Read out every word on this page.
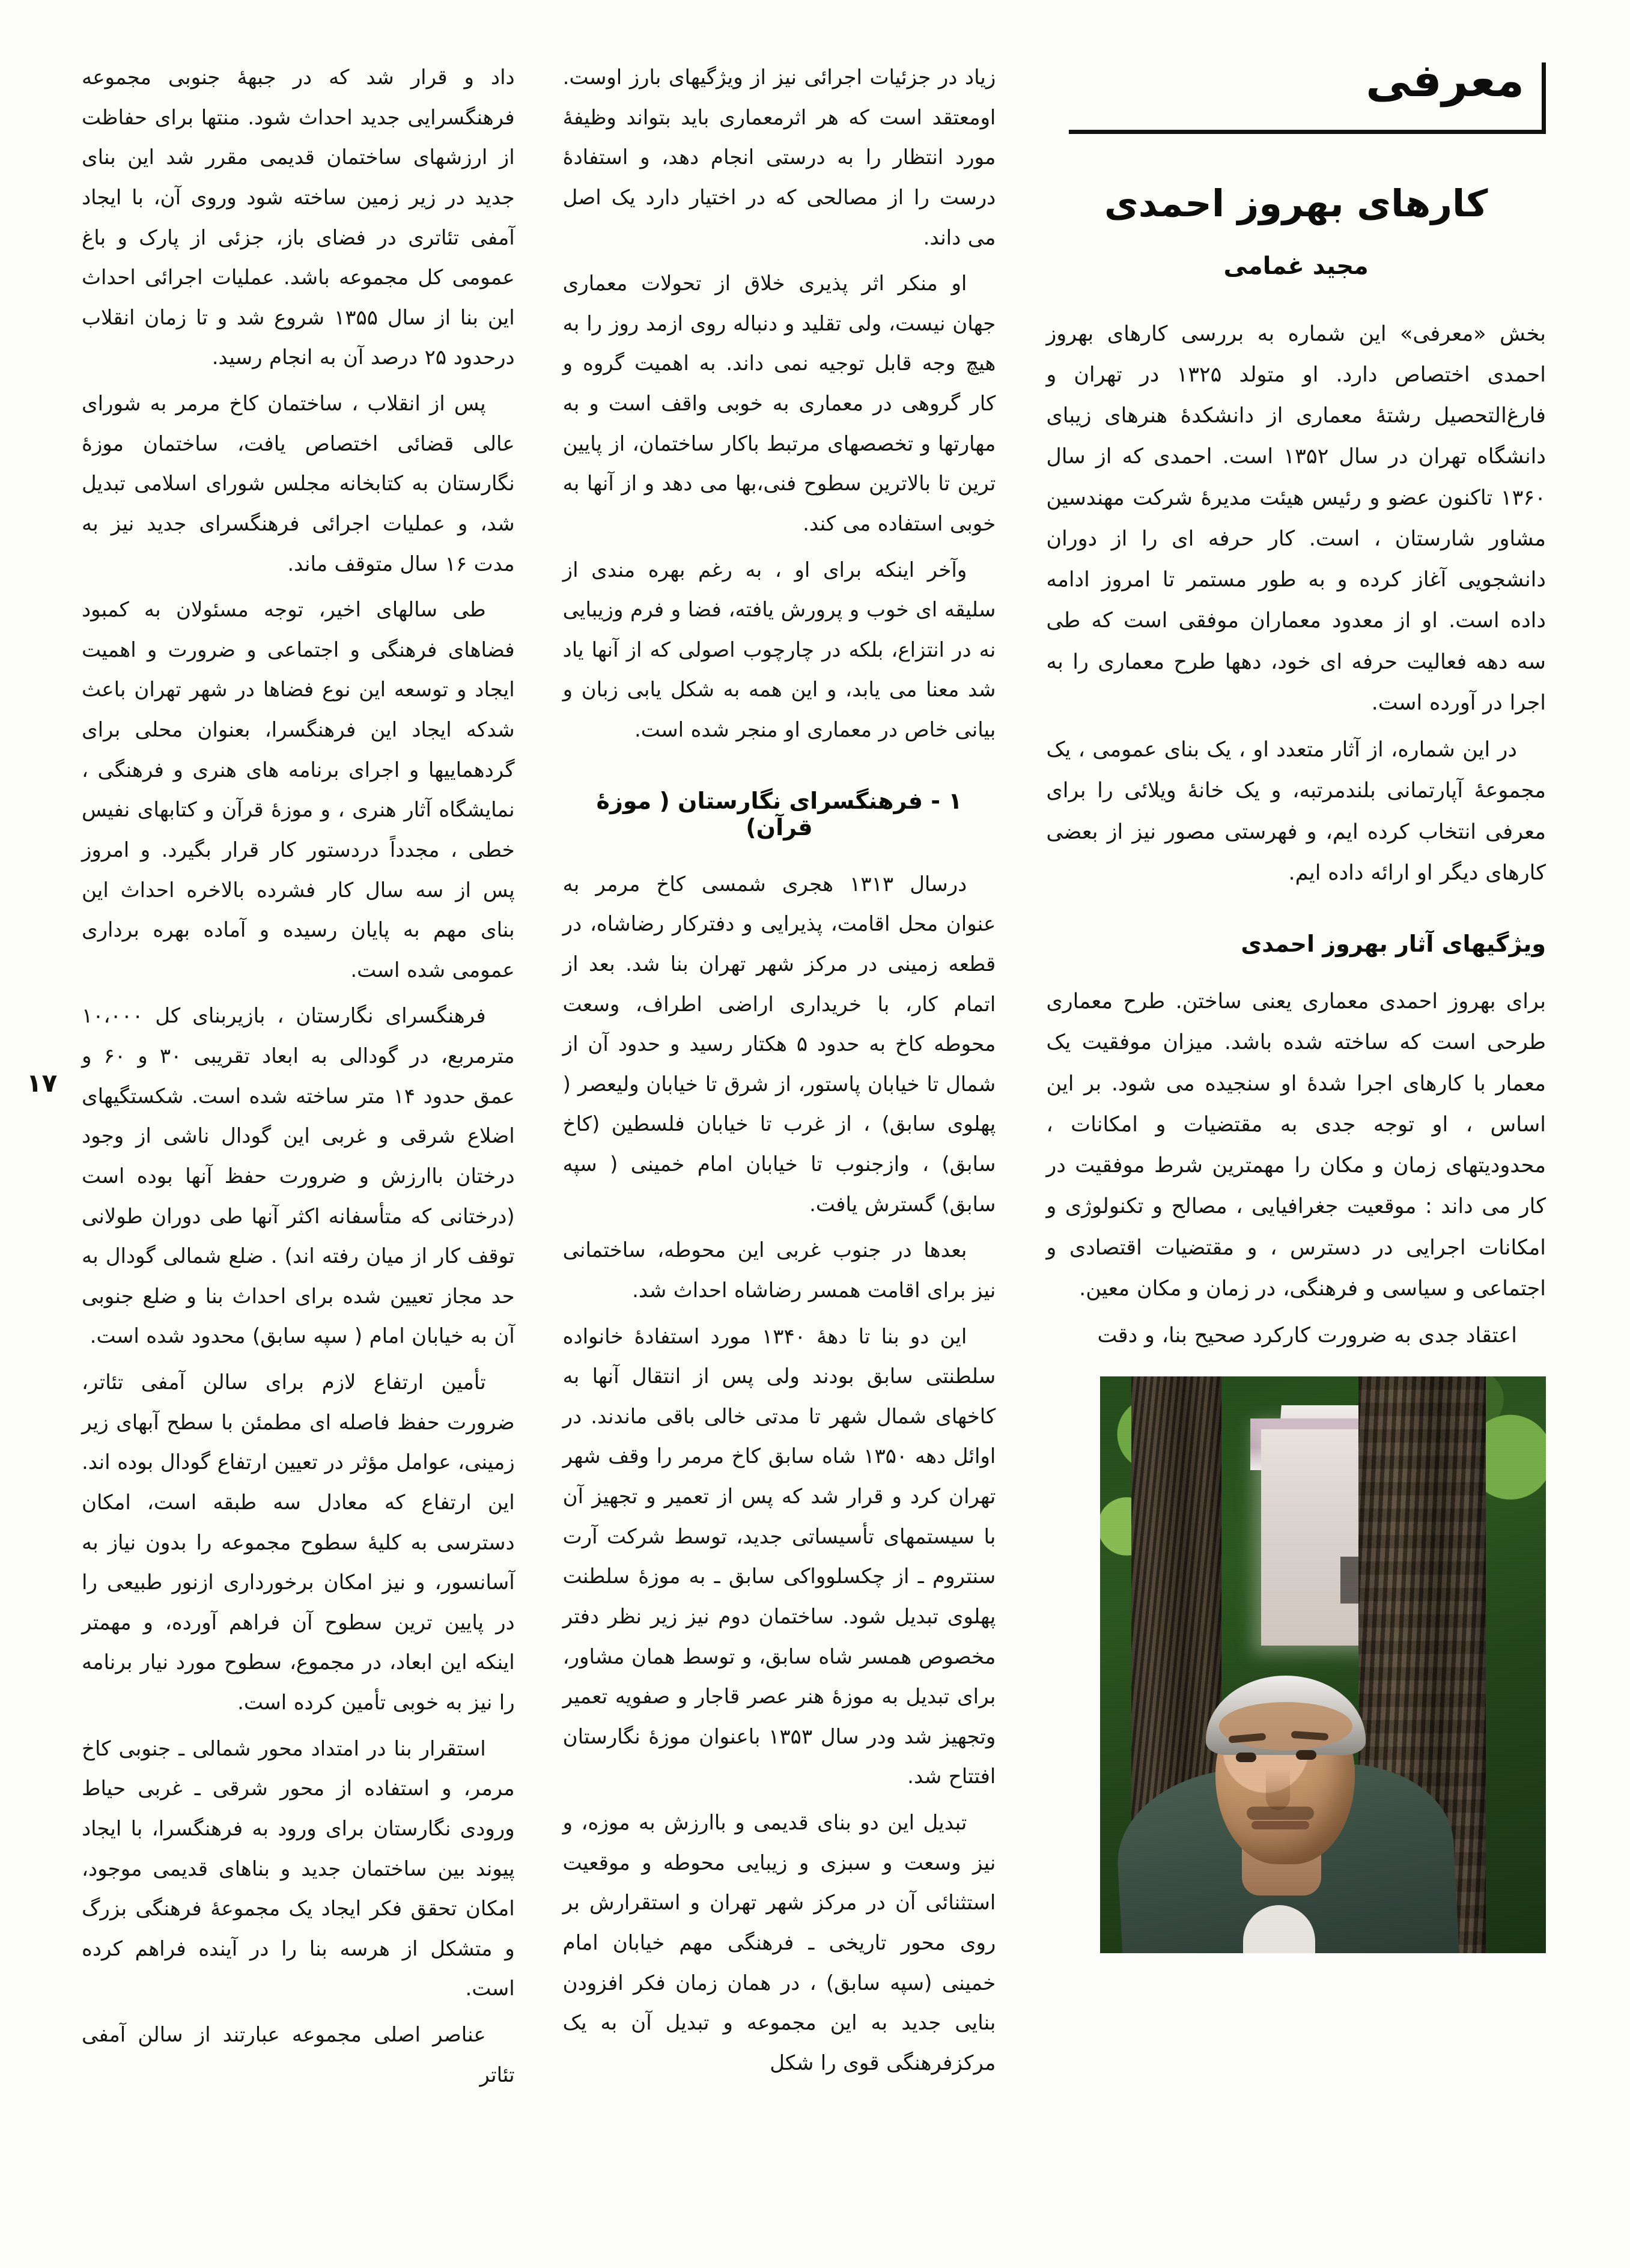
معرفی
کارهای بهروز احمدی
مجید غمامی

بخش «معرفی» این شماره به بررسی کارهای بهروز احمدی اختصاص دارد. او متولد ۱۳۲۵ در تهران و فارغ‌التحصیل رشتهٔ معماری از دانشکدهٔ هنرهای زیبای دانشگاه تهران در سال ۱۳۵۲ است. احمدی که از سال ۱۳۶۰ تاکنون عضو و رئیس هیئت مدیرهٔ شرکت مهندسین مشاور شارستان ، است. کار حرفه ای را از دوران دانشجویی آغاز کرده و به طور مستمر تا امروز ادامه داده است. او از معدود معماران موفقی است که طی سه دهه فعالیت حرفه ای خود، دهها طرح معماری را به اجرا در آورده است.

در این شماره، از آثار متعدد او ، یک بنای عمومی ، یک مجموعهٔ آپارتمانی بلندمرتبه، و یک خانهٔ ویلائی را برای معرفی انتخاب کرده ایم، و فهرستی مصور نیز از بعضی کارهای دیگر او ارائه داده ایم.

ویژگیهای آثار بهروز احمدی

برای بهروز احمدی معماری یعنی ساختن. طرح معماری طرحی است که ساخته شده باشد. میزان موفقیت یک معمار با کارهای اجرا شدهٔ او سنجیده می شود. بر این اساس ، او توجه جدی به مقتضیات و امکانات ، محدودیتهای زمان و مکان را مهمترین شرط موفقیت در کار می داند : موقعیت جغرافیایی ، مصالح و تکنولوژی و امکانات اجرایی در دسترس ، و مقتضیات اقتصادی و اجتماعی و سیاسی و فرهنگی، در زمان و مکان معین.

اعتقاد جدی به ضرورت کارکرد صحیح بنا، و دقت

زیاد در جزئیات اجرائی نیز از ویژگیهای بارز اوست. اومعتقد است که هر اثرمعماری باید بتواند وظیفهٔ مورد انتظار را به درستی انجام دهد، و استفادهٔ درست را از مصالحی که در اختیار دارد یک اصل می داند.

او منکر اثر پذیری خلاق از تحولات معماری جهان نیست، ولی تقلید و دنباله روی ازمد روز را به هیچ وجه قابل توجیه نمی داند. به اهمیت گروه و کار گروهی در معماری به خوبی واقف است و به مهارتها و تخصصهای مرتبط باکار ساختمان، از پایین ترین تا بالاترین سطوح فنی،بها می دهد و از آنها به خوبی استفاده می کند.

وآخر اینکه برای او ، به رغم بهره مندی از سلیقه ای خوب و پرورش یافته، فضا و فرم وزیبایی نه در انتزاع، بلکه در چارچوب اصولی که از آنها یاد شد معنا می یابد، و این همه به شکل یابی زبان و بیانی خاص در معماری او منجر شده است.

۱ - فرهنگسرای نگارستان ( موزهٔ قرآن)

درسال ۱۳۱۳ هجری شمسی کاخ مرمر به عنوان محل اقامت، پذیرایی و دفترکار رضاشاه، در قطعه زمینی در مرکز شهر تهران بنا شد. بعد از اتمام کار، با خریداری اراضی اطراف، وسعت محوطه کاخ به حدود ۵ هکتار رسید و حدود آن از شمال تا خیابان پاستور، از شرق تا خیابان ولیعصر ( پهلوی سابق) ، از غرب تا خیابان فلسطین (کاخ سابق) ، وازجنوب تا خیابان امام خمینی ( سپه سابق) گسترش یافت.

بعدها در جنوب غربی این محوطه، ساختمانی نیز برای اقامت همسر رضاشاه احداث شد.

این دو بنا تا دههٔ ۱۳۴۰ مورد استفادهٔ خانواده سلطنتی سابق بودند ولی پس از انتقال آنها به کاخهای شمال شهر تا مدتی خالی باقی ماندند. در اوائل دهه ۱۳۵۰ شاه سابق کاخ مرمر را وقف شهر تهران کرد و قرار شد که پس از تعمیر و تجهیز آن با سیستمهای تأسیساتی جدید، توسط شرکت آرت سنتروم ـ از چکسلوواکی سابق ـ به موزهٔ سلطنت پهلوی تبدیل شود. ساختمان دوم نیز زیر نظر دفتر مخصوص همسر شاه سابق، و توسط همان مشاور، برای تبدیل به موزهٔ هنر عصر قاجار و صفویه تعمیر وتجهیز شد ودر سال ۱۳۵۳ باعنوان موزهٔ نگارستان افتتاح شد.

تبدیل این دو بنای قدیمی و باارزش به موزه، و نیز وسعت و سبزی و زیبایی محوطه و موقعیت استثنائی آن در مرکز شهر تهران و استقرارش بر روی محور تاریخی ـ فرهنگی مهم خیابان امام خمینی (سپه سابق) ، در همان زمان فکر افزودن بنایی جدید به این مجموعه و تبدیل آن به یک مرکزفرهنگی قوی را شکل

داد و قرار شد که در جبههٔ جنوبی مجموعه فرهنگسرایی جدید احداث شود. منتها برای حفاظت از ارزشهای ساختمان قدیمی مقرر شد این بنای جدید در زیر زمین ساخته شود وروی آن، با ایجاد آمفی تئاتری در فضای باز، جزئی از پارک و باغ عمومی کل مجموعه باشد. عملیات اجرائی احداث این بنا از سال ۱۳۵۵ شروع شد و تا زمان انقلاب درحدود ۲۵ درصد آن به انجام رسید.

پس از انقلاب ، ساختمان کاخ مرمر به شورای عالی قضائی اختصاص یافت، ساختمان موزهٔ نگارستان به کتابخانه مجلس شورای اسلامی تبدیل شد، و عملیات اجرائی فرهنگسرای جدید نیز به مدت ۱۶ سال متوقف ماند.

طی سالهای اخیر، توجه مسئولان به کمبود فضاهای فرهنگی و اجتماعی و ضرورت و اهمیت ایجاد و توسعه این نوع فضاها در شهر تهران باعث شدکه ایجاد این فرهنگسرا، بعنوان محلی برای گردهماییها و اجرای برنامه های هنری و فرهنگی ، نمایشگاه آثار هنری ، و موزهٔ قرآن و کتابهای نفیس خطی ، مجدداً دردستور کار قرار بگیرد. و امروز پس از سه سال کار فشرده بالاخره احداث این بنای مهم به پایان رسیده و آماده بهره برداری عمومی شده است.

فرهنگسرای نگارستان ، بازیربنای کل ۱۰،۰۰۰ مترمربع، در گودالی به ابعاد تقریبی ۳۰ و ۶۰ و عمق حدود ۱۴ متر ساخته شده است. شکستگیهای اضلاع شرقی و غربی این گودال ناشی از وجود درختان باارزش و ضرورت حفظ آنها بوده است (درختانی که متأسفانه اکثر آنها طی دوران طولانی توقف کار از میان رفته اند) . ضلع شمالی گودال به حد مجاز تعیین شده برای احداث بنا و ضلع جنوبی آن به خیابان امام ( سپه سابق) محدود شده است.

تأمین ارتفاع لازم برای سالن آمفی تئاتر، ضرورت حفظ فاصله ای مطمئن با سطح آبهای زیر زمینی، عوامل مؤثر در تعیین ارتفاع گودال بوده اند. این ارتفاع که معادل سه طبقه است، امکان دسترسی به کلیهٔ سطوح مجموعه را بدون نیاز به آسانسور، و نیز امکان برخورداری ازنور طبیعی را در پایین ترین سطوح آن فراهم آورده، و مهمتر اینکه این ابعاد، در مجموع، سطوح مورد نیار برنامه را نیز به خوبی تأمین کرده است.

استقرار بنا در امتداد محور شمالی ـ جنوبی کاخ مرمر، و استفاده از محور شرقی ـ غربی حیاط ورودی نگارستان برای ورود به فرهنگسرا، با ایجاد پیوند بین ساختمان جدید و بناهای قدیمی موجود، امکان تحقق فکر ایجاد یک مجموعهٔ فرهنگی بزرگ و متشکل از هرسه بنا را در آینده فراهم کرده است.

عناصر اصلی مجموعه عبارتند از سالن آمفی تئاتر

۱۷
